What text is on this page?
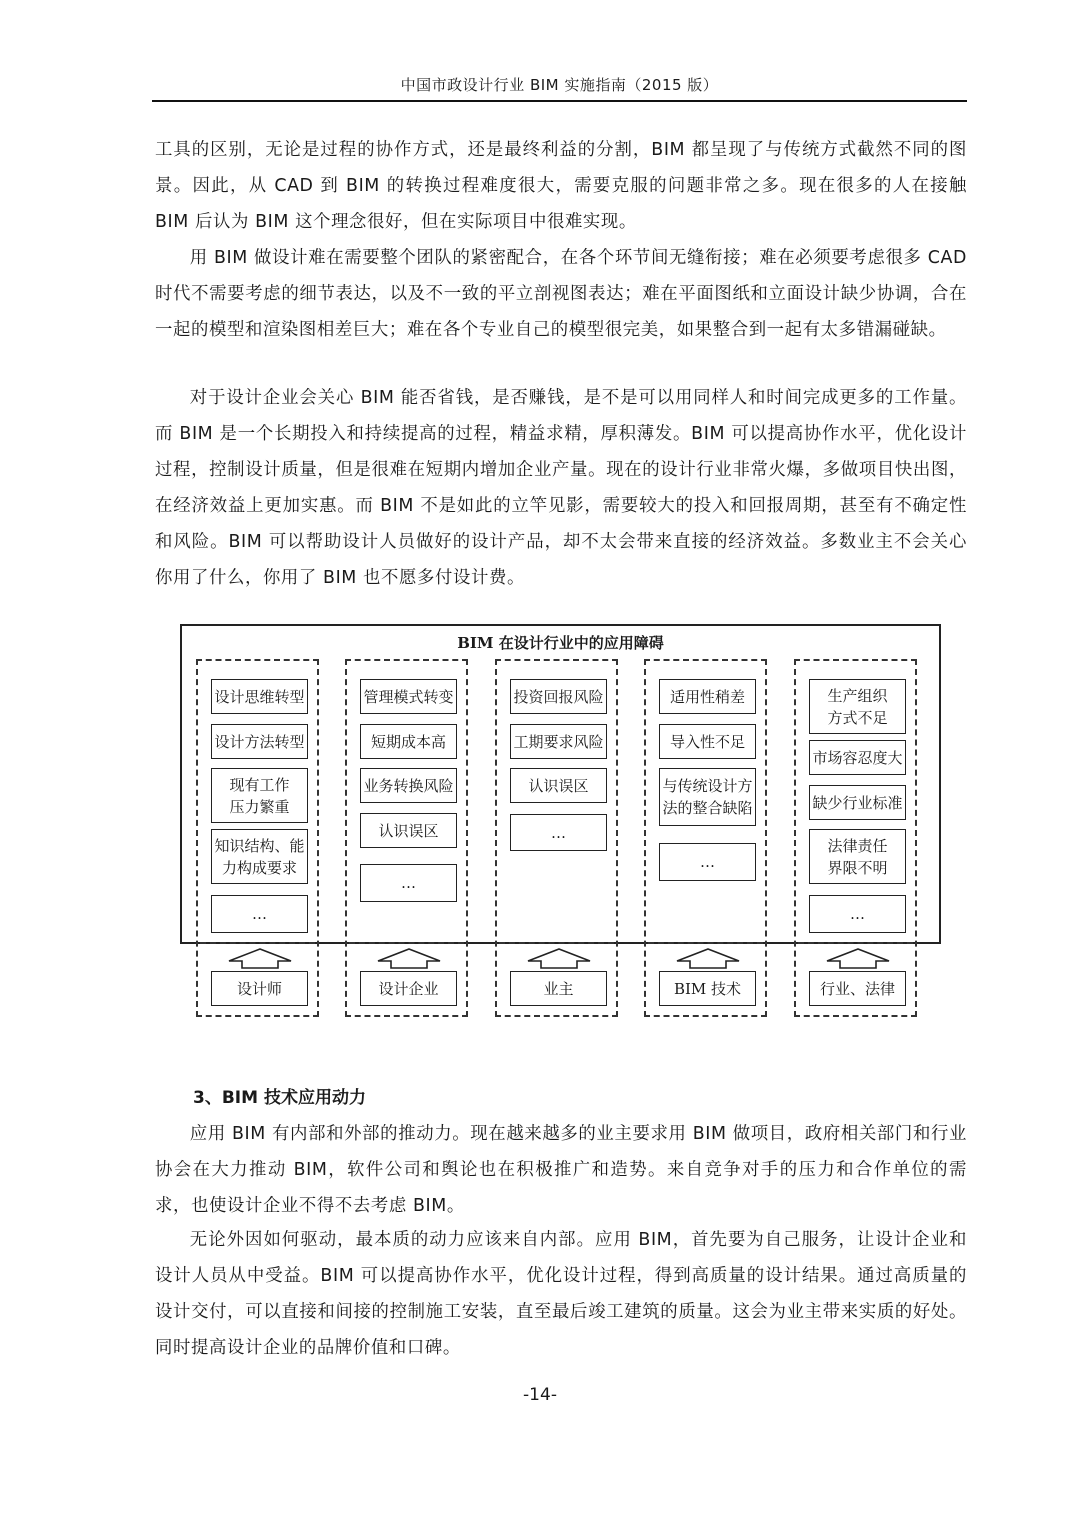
中国市政设计行业 BIM 实施指南（2015 版）

工具的区别，无论是过程的协作方式，还是最终利益的分割，BIM 都呈现了与传统方式截然不同的图景。因此，从 CAD 到 BIM 的转换过程难度很大，需要克服的问题非常之多。现在很多的人在接触 BIM 后认为 BIM 这个理念很好，但在实际项目中很难实现。

用 BIM 做设计难在需要整个团队的紧密配合，在各个环节间无缝衔接；难在必须要考虑很多 CAD 时代不需要考虑的细节表达，以及不一致的平立剖视图表达；难在平面图纸和立面设计缺少协调，合在一起的模型和渲染图相差巨大；难在各个专业自己的模型很完美，如果整合到一起有太多错漏碰缺。

对于设计企业会关心 BIM 能否省钱，是否赚钱，是不是可以用同样人和时间完成更多的工作量。而 BIM 是一个长期投入和持续提高的过程，精益求精，厚积薄发。BIM 可以提高协作水平，优化设计过程，控制设计质量，但是很难在短期内增加企业产量。现在的设计行业非常火爆，多做项目快出图，在经济效益上更加实惠。而 BIM 不是如此的立竿见影，需要较大的投入和回报周期，甚至有不确定性和风险。BIM 可以帮助设计人员做好的设计产品，却不太会带来直接的经济效益。多数业主不会关心你用了什么，你用了 BIM 也不愿多付设计费。

BIM 在设计行业中的应用障碍
设计思维转型
设计方法转型
现有工作
压力繁重
知识结构、能
力构成要求
…
设计师
管理模式转变
短期成本高
业务转换风险
认识误区
…
设计企业
投资回报风险
工期要求风险
认识误区
…
业主
适用性稍差
导入性不足
与传统设计方
法的整合缺陷
…
BIM 技术
生产组织
方式不足
市场容忍度大
缺少行业标准
法律责任
界限不明
…
行业、法律
3、BIM 技术应用动力

应用 BIM 有内部和外部的推动力。现在越来越多的业主要求用 BIM 做项目，政府相关部门和行业协会在大力推动 BIM，软件公司和舆论也在积极推广和造势。来自竞争对手的压力和合作单位的需求，也使设计企业不得不去考虑 BIM。

无论外因如何驱动，最本质的动力应该来自内部。应用 BIM，首先要为自己服务，让设计企业和设计人员从中受益。BIM 可以提高协作水平，优化设计过程，得到高质量的设计结果。通过高质量的设计交付，可以直接和间接的控制施工安装，直至最后竣工建筑的质量。这会为业主带来实质的好处。同时提高设计企业的品牌价值和口碑。

-14-
